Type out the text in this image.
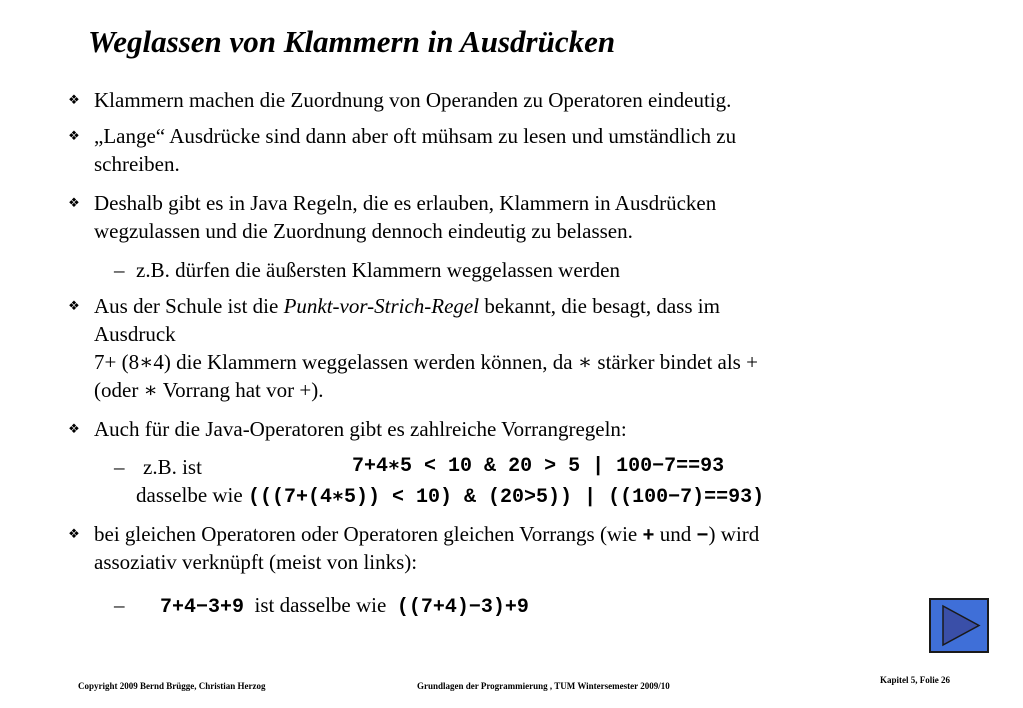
Weglassen von Klammern in Ausdrücken
❖ Klammern machen die Zuordnung von Operanden zu Operatoren eindeutig.
❖ „Lange“ Ausdrücke sind dann aber oft mühsam zu lesen und umständlich zu
schreiben.
❖ Deshalb gibt es in Java Regeln, die es erlauben, Klammern in Ausdrücken
wegzulassen und die Zuordnung dennoch eindeutig zu belassen.
– z.B. dürfen die äußersten Klammern weggelassen werden
❖ Aus der Schule ist die Punkt-vor-Strich-Regel bekannt, die besagt, dass im
Ausdruck
7+ (8∗4) die Klammern weggelassen werden können, da ∗ stärker bindet als +
(oder ∗ Vorrang hat vor +).
❖ Auch für die Java-Operatoren gibt es zahlreiche Vorrangregeln:
– z.B. ist	7+4∗5 < 10 & 20 > 5 | 100−7==93
dasselbe wie (((7+(4∗5)) < 10) & (20>5)) | ((100−7)==93)
❖ bei gleichen Operatoren oder Operatoren gleichen Vorrangs (wie + und −) wird
assoziativ verknüpft (meist von links):
– 7+4−3+9 ist dasselbe wie ((7+4)−3)+9
Copyright 2009 Bernd Brügge, Christian Herzog	Grundlagen der Programmierung , TUM Wintersemester 2009/10
Kapitel 5, Folie 26
